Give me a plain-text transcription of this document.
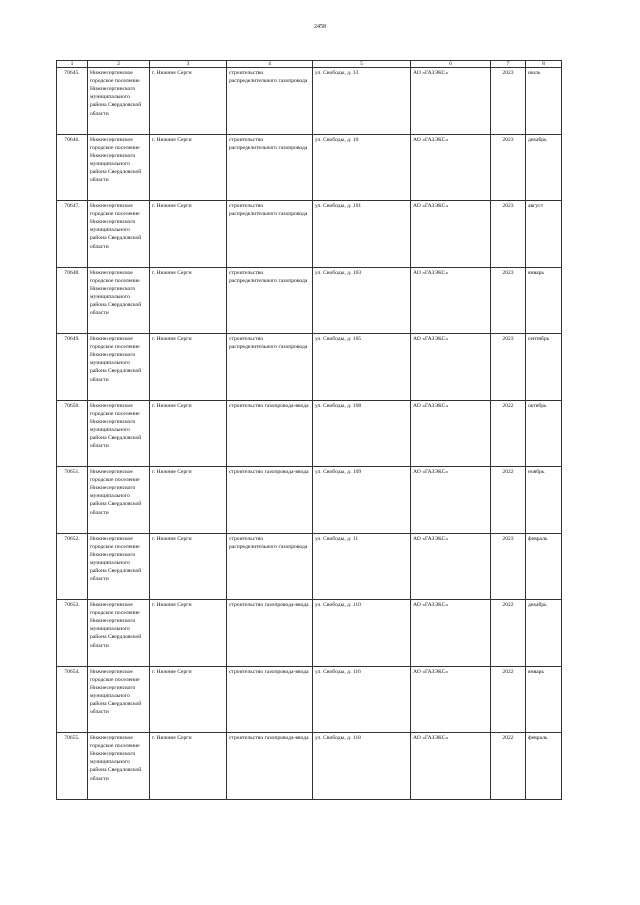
2458
1	2	3	4	5	6	7	8
70645.	Нижнесергинское городское поселение Нижнесергинского муниципального района Свердловской области	г. Нижние Серги	строительство распределительного газопровода	ул. Свободы, д. 33	АО «ГАЗЭКС»	2023	июль
70646.	Нижнесергинское городское поселение Нижнесергинского муниципального района Свердловской области	г. Нижние Серги	строительство распределительного газопровода	ул. Свободы, д. 10	АО «ГАЗЭКС»	2023	декабрь
70647.	Нижнесергинское городское поселение Нижнесергинского муниципального района Свердловской области	г. Нижние Серги	строительство распределительного газопровода	ул. Свободы, д. 101	АО «ГАЗЭКС»	2023	август
70648.	Нижнесергинское городское поселение Нижнесергинского муниципального района Свердловской области	г. Нижние Серги	строительство распределительного газопровода	ул. Свободы, д. 103	АО «ГАЗЭКС»	2023	январь
70649.	Нижнесергинское городское поселение Нижнесергинского муниципального района Свердловской области	г. Нижние Серги	строительство распределительного газопровода	ул. Свободы, д. 105	АО «ГАЗЭКС»	2023	сентябрь
70650.	Нижнесергинское городское поселение Нижнесергинского муниципального района Свердловской области	г. Нижние Серги	строительство газопровода-ввода	ул. Свободы, д. 108	АО «ГАЗЭКС»	2022	октябрь
70651.	Нижнесергинское городское поселение Нижнесергинского муниципального района Свердловской области	г. Нижние Серги	строительство газопровода-ввода	ул. Свободы, д. 109	АО «ГАЗЭКС»	2022	ноябрь
70652.	Нижнесергинское городское поселение Нижнесергинского муниципального района Свердловской области	г. Нижние Серги	строительство распределительного газопровода	ул. Свободы, д. 11	АО «ГАЗЭКС»	2023	февраль
70653.	Нижнесергинское городское поселение Нижнесергинского муниципального района Свердловской области	г. Нижние Серги	строительство газопровода-ввода	ул. Свободы, д. 110	АО «ГАЗЭКС»	2022	декабрь
70654.	Нижнесергинское городское поселение Нижнесергинского муниципального района Свердловской области	г. Нижние Серги	строительство газопровода-ввода	ул. Свободы, д. 116	АО «ГАЗЭКС»	2022	январь
70655.	Нижнесергинское городское поселение Нижнесергинского муниципального района Свердловской области	г. Нижние Серги	строительство газопровода-ввода	ул. Свободы, д. 118	АО «ГАЗЭКС»	2022	февраль
